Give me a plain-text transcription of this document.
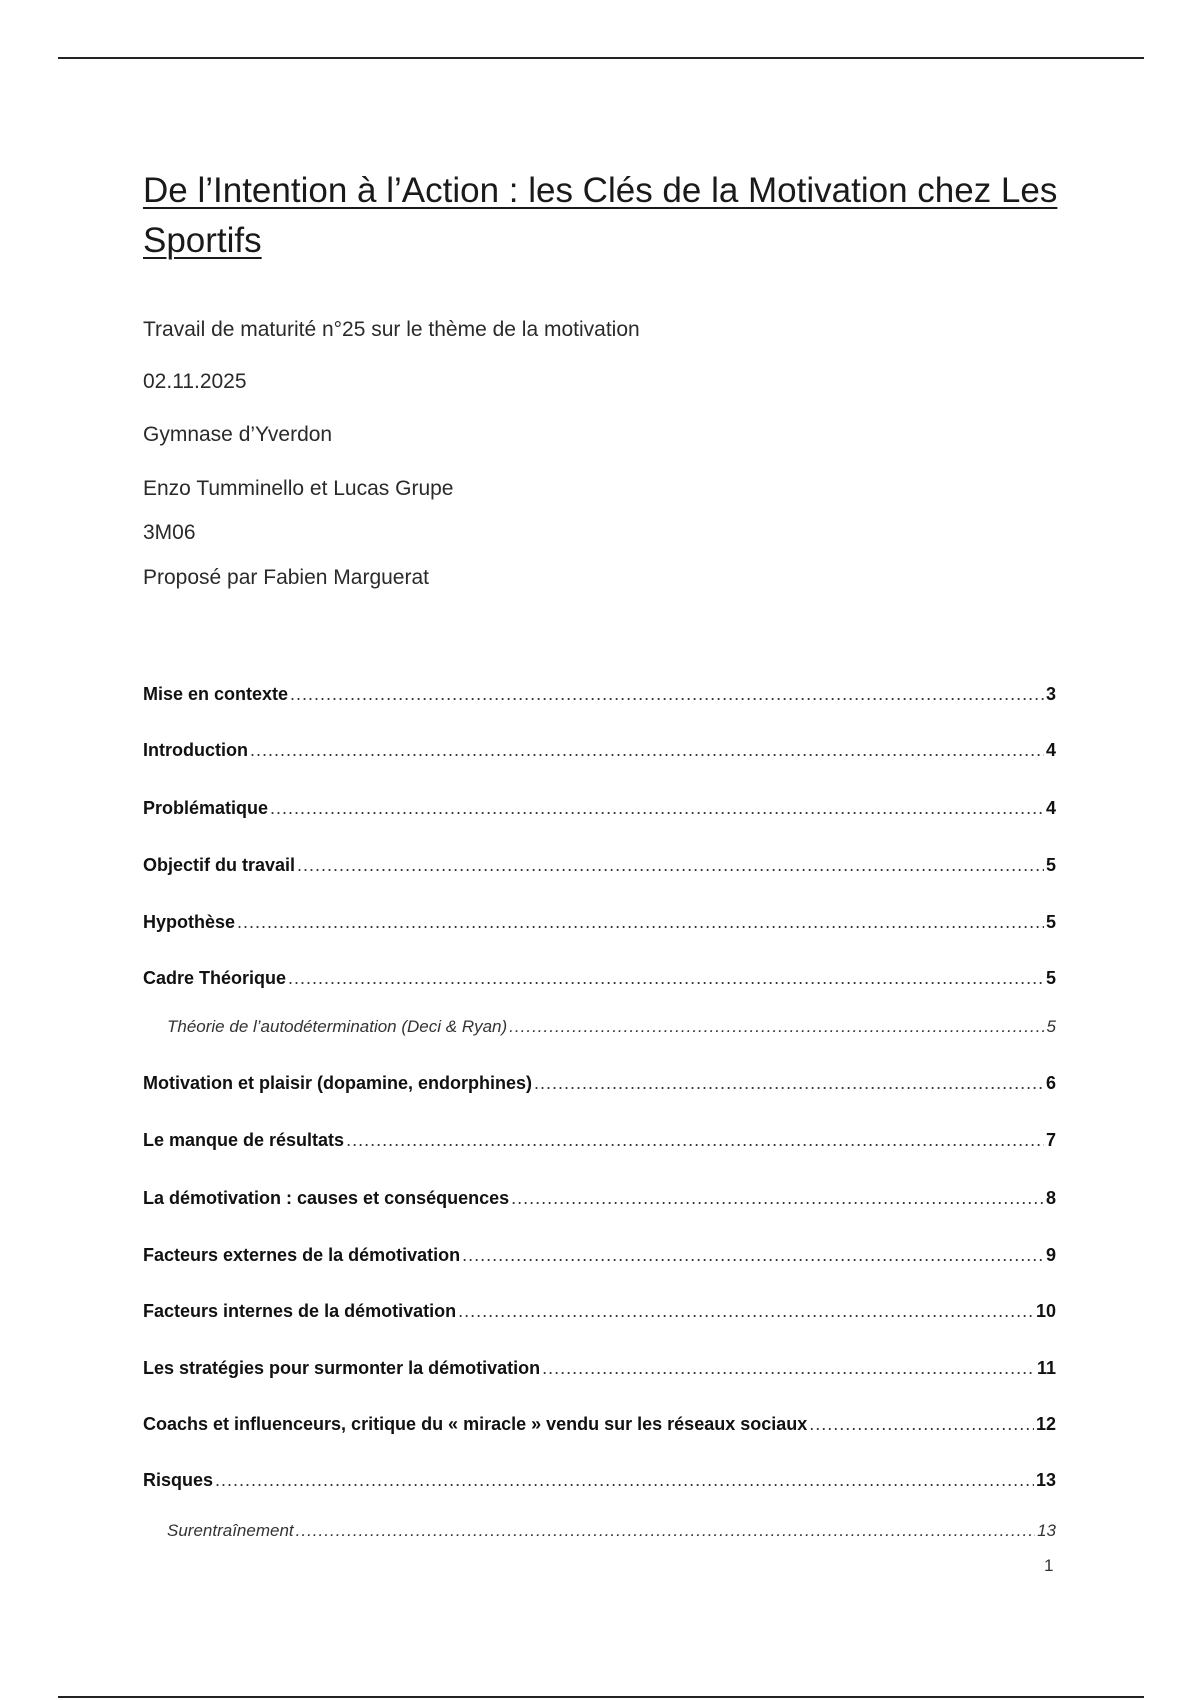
De l’Intention à l’Action : les Clés de la Motivation chez Les Sportifs

Travail de maturité n°25 sur le thème de la motivation

02.11.2025

Gymnase d’Yverdon

Enzo Tumminello et Lucas Grupe

3M06

Proposé par Fabien Marguerat

Mise en contexte .....	3
Introduction .....	4
Problématique .....	4
Objectif du travail .....	5
Hypothèse .....	5
Cadre Théorique .....	5
Théorie de l’autodétermination (Deci & Ryan) .....	5
Motivation et plaisir (dopamine, endorphines) .....	6
Le manque de résultats .....	7
La démotivation : causes et conséquences .....	8
Facteurs externes de la démotivation .....	9
Facteurs internes de la démotivation .....	10
Les stratégies pour surmonter la démotivation .....	11
Coachs et influenceurs, critique du « miracle » vendu sur les réseaux sociaux .....	12
Risques .....	13
Surentraînement .....	13
1
